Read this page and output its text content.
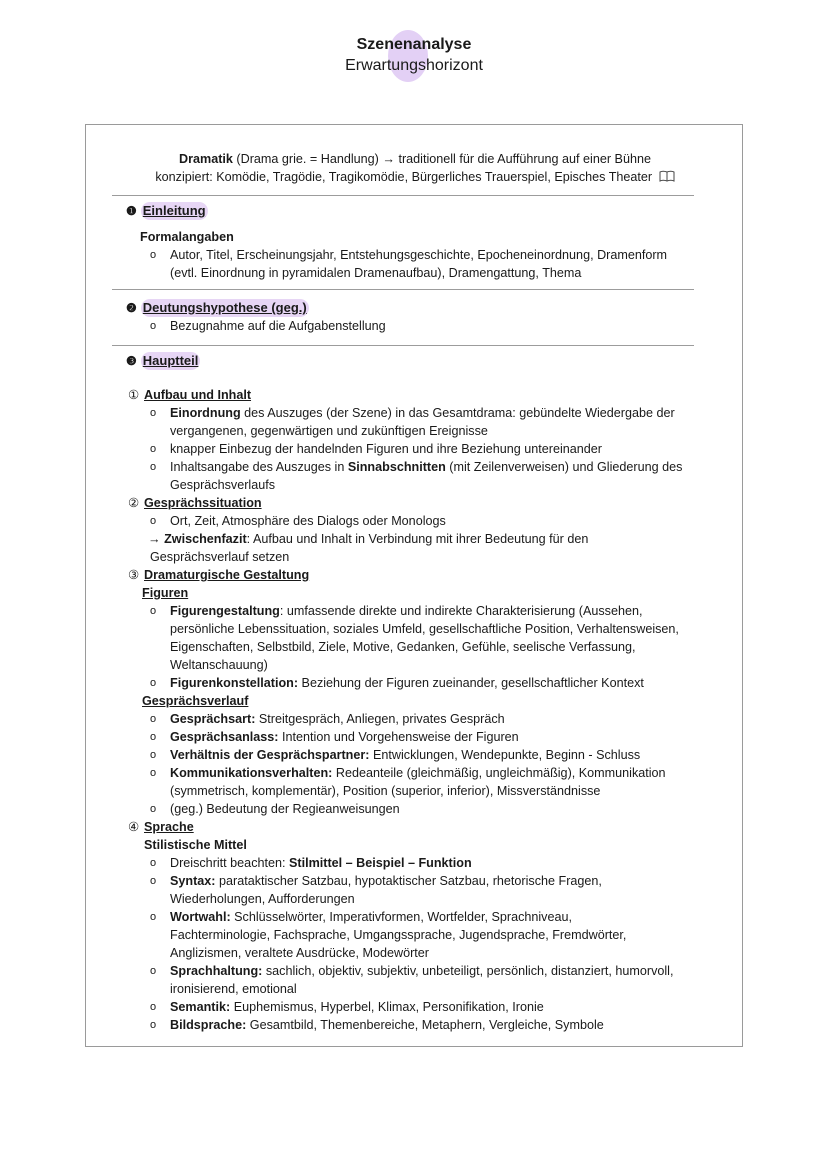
Szenenanalyse
Erwartungshorizont
Dramatik (Drama grie. = Handlung) → traditionell für die Aufführung auf einer Bühne
konzipiert: Komödie, Tragödie, Tragikomödie, Bürgerliches Trauerspiel, Episches Theater
❶ Einleitung
Formalangaben
o Autor, Titel, Erscheinungsjahr, Entstehungsgeschichte, Epocheneinordnung, Dramenform
(evtl. Einordnung in pyramidalen Dramenaufbau), Dramengattung, Thema
❷ Deutungshypothese (geg.)
o Bezugnahme auf die Aufgabenstellung
❸ Hauptteil
① Aufbau und Inhalt
o Einordnung des Auszuges (der Szene) in das Gesamtdrama: gebündelte Wiedergabe der
vergangenen, gegenwärtigen und zukünftigen Ereignisse
o knapper Einbezug der handelnden Figuren und ihre Beziehung untereinander
o Inhaltsangabe des Auszuges in Sinnabschnitten (mit Zeilenverweisen) und Gliederung des
Gesprächsverlaufs
② Gesprächssituation
o Ort, Zeit, Atmosphäre des Dialogs oder Monologs
→ Zwischenfazit: Aufbau und Inhalt in Verbindung mit ihrer Bedeutung für den
Gesprächsverlauf setzen
③ Dramaturgische Gestaltung
Figuren
o Figurengestaltung: umfassende direkte und indirekte Charakterisierung (Aussehen,
persönliche Lebenssituation, soziales Umfeld, gesellschaftliche Position, Verhaltensweisen,
Eigenschaften, Selbstbild, Ziele, Motive, Gedanken, Gefühle, seelische Verfassung,
Weltanschauung)
o Figurenkonstellation: Beziehung der Figuren zueinander, gesellschaftlicher Kontext
Gesprächsverlauf
o Gesprächsart: Streitgespräch, Anliegen, privates Gespräch
o Gesprächsanlass: Intention und Vorgehensweise der Figuren
o Verhältnis der Gesprächspartner: Entwicklungen, Wendepunkte, Beginn - Schluss
o Kommunikationsverhalten: Redeanteile (gleichmäßig, ungleichmäßig), Kommunikation
(symmetrisch, komplementär), Position (superior, inferior), Missverständnisse
o (geg.) Bedeutung der Regieanweisungen
④ Sprache
Stilistische Mittel
o Dreischritt beachten: Stilmittel – Beispiel – Funktion
o Syntax: parataktischer Satzbau, hypotaktischer Satzbau, rhetorische Fragen,
Wiederholungen, Aufforderungen
o Wortwahl: Schlüsselwörter, Imperativformen, Wortfelder, Sprachniveau,
Fachterminologie, Fachsprache, Umgangssprache, Jugendsprache, Fremdwörter,
Anglizismen, veraltete Ausdrücke, Modewörter
o Sprachhaltung: sachlich, objektiv, subjektiv, unbeteiligt, persönlich, distanziert, humorvoll,
ironisierend, emotional
o Semantik: Euphemismus, Hyperbel, Klimax, Personifikation, Ironie
o Bildsprache: Gesamtbild, Themenbereiche, Metaphern, Vergleiche, Symbole
